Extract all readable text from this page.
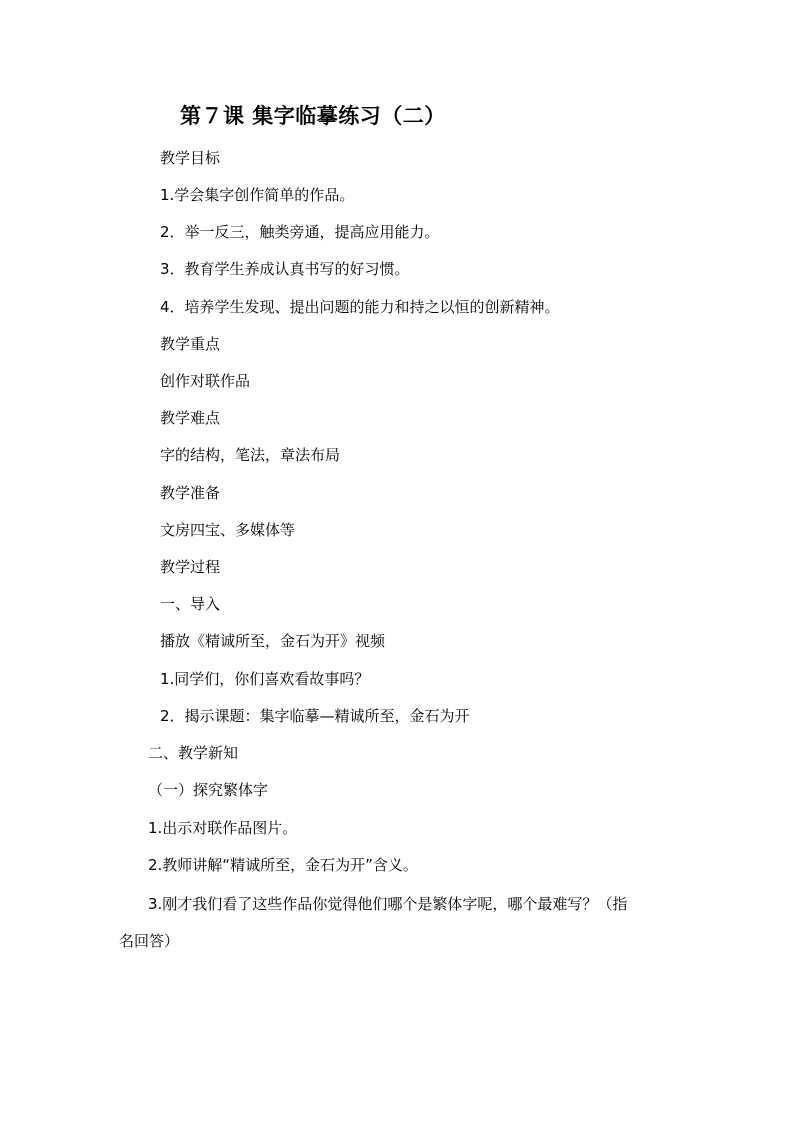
第７课 集字临摹练习（二）
教学目标
1.学会集字创作简单的作品。
2．举一反三，触类旁通，提高应用能力。
3．教育学生养成认真书写的好习惯。
4．培养学生发现、提出问题的能力和持之以恒的创新精神。
教学重点
创作对联作品
教学难点
字的结构，笔法，章法布局
教学准备
文房四宝、多媒体等
教学过程
一、导入
播放《精诚所至，金石为开》视频
1.同学们，你们喜欢看故事吗？
2．揭示课题：集字临摹—精诚所至，金石为开
二、教学新知
（一）探究繁体字
1.出示对联作品图片。
2.教师讲解“精诚所至，金石为开”含义。
3.刚才我们看了这些作品你觉得他们哪个是繁体字呢，哪个最难写？（指
名回答）
